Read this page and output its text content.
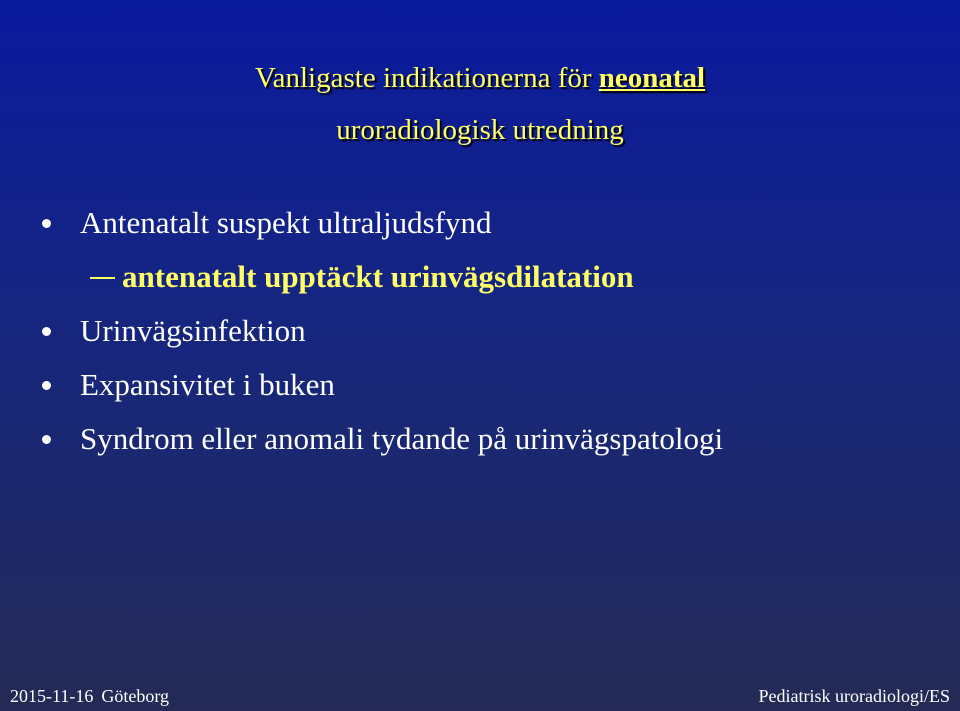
Vanligaste indikationerna för neonatal
uroradiologisk utredning
Antenatalt suspekt ultraljudsfynd
antenatalt upptäckt urinvägsdilatation
Urinvägsinfektion
Expansivitet i buken
Syndrom eller anomali tydande på urinvägspatologi
2015-11-16 Göteborg	Pediatrisk uroradiologi/ES
